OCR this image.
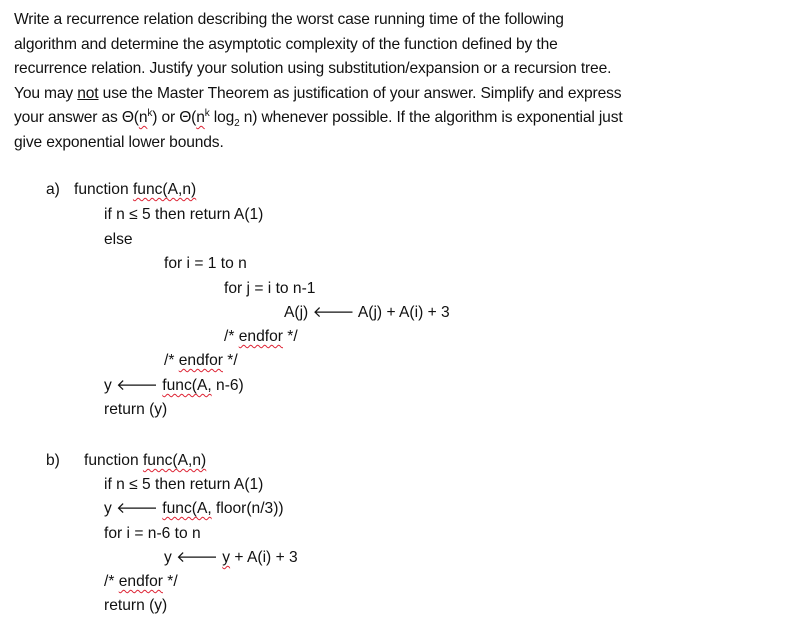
Write a recurrence relation describing the worst case running time of the following
algorithm and determine the asymptotic complexity of the function defined by the
recurrence relation. Justify your solution using substitution/expansion or a recursion tree.
You may not use the Master Theorem as justification of your answer. Simplify and express
your answer as $\Theta(n^k)$ or $\Theta(n^k$ $\log_2 n$) whenever possible. If the algorithm is exponential just
give exponential lower bounds.
a)
b)
function func(A,n)
if n ≤ 5 then return A(1)
else
for i = 1 to n
for j = i to n-1
A(j) 🡐 A(j) + A(i) + 3
/* endfor */
/* endfor */
y 🡐 func(A, n-6)
return (y)
function func(A,n)
if n ≤ 5 then return A(1)
y 🡐 func(A, floor(n/3))
for i = n-6 to n
y 🡐 y + A(i) + 3
/* endfor */
return (y)
